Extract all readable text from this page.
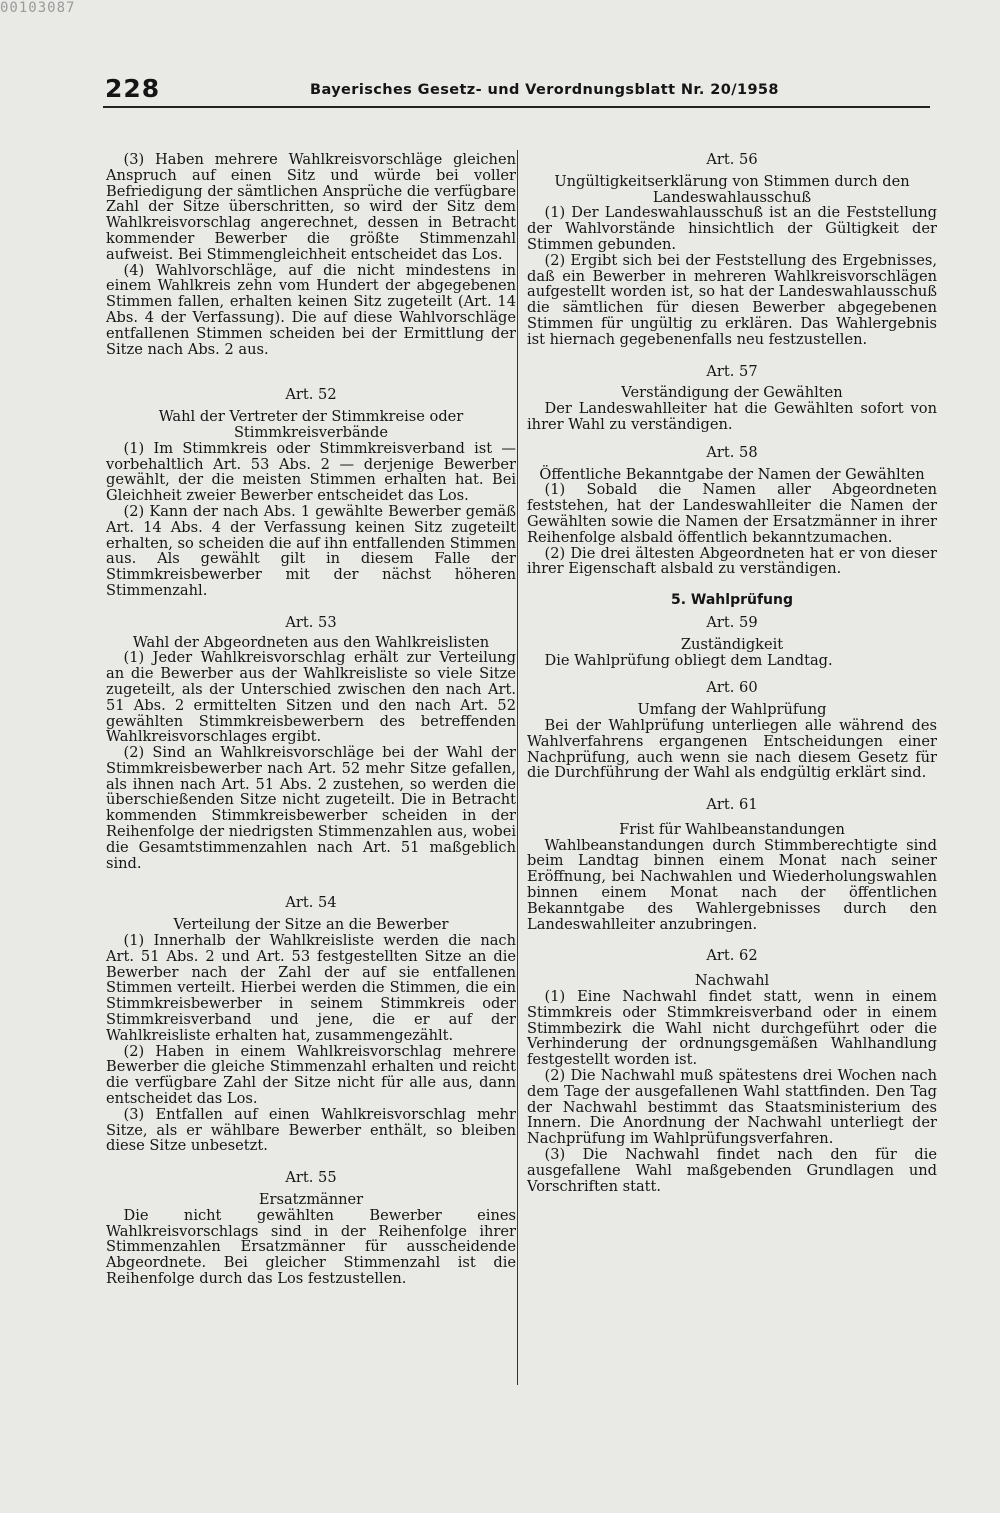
00103087
228	Bayerisches Gesetz- und Verordnungsblatt Nr. 20/1958

(3) Haben mehrere Wahlkreisvorschläge gleichen Anspruch auf einen Sitz und würde bei voller Befriedigung der sämtlichen Ansprüche die verfügbare Zahl der Sitze überschritten, so wird der Sitz dem Wahlkreisvorschlag angerechnet, dessen in Betracht kommender Bewerber die größte Stimmenzahl aufweist. Bei Stimmengleichheit entscheidet das Los.

(4) Wahlvorschläge, auf die nicht mindestens in einem Wahlkreis zehn vom Hundert der abgegebenen Stimmen fallen, erhalten keinen Sitz zugeteilt (Art. 14 Abs. 4 der Verfassung). Die auf diese Wahlvorschläge entfallenen Stimmen scheiden bei der Ermittlung der Sitze nach Abs. 2 aus.

Art. 52
Wahl der Vertreter der Stimmkreise oder Stimmkreisverbände

(1) Im Stimmkreis oder Stimmkreisverband ist — vorbehaltlich Art. 53 Abs. 2 — derjenige Bewerber gewählt, der die meisten Stimmen erhalten hat. Bei Gleichheit zweier Bewerber entscheidet das Los.

(2) Kann der nach Abs. 1 gewählte Bewerber gemäß Art. 14 Abs. 4 der Verfassung keinen Sitz zugeteilt erhalten, so scheiden die auf ihn entfallenden Stimmen aus. Als gewählt gilt in diesem Falle der Stimmkreisbewerber mit der nächst höheren Stimmenzahl.

Art. 53
Wahl der Abgeordneten aus den Wahlkreislisten

(1) Jeder Wahlkreisvorschlag erhält zur Verteilung an die Bewerber aus der Wahlkreisliste so viele Sitze zugeteilt, als der Unterschied zwischen den nach Art. 51 Abs. 2 ermittelten Sitzen und den nach Art. 52 gewählten Stimmkreisbewerbern des betreffenden Wahlkreisvorschlages ergibt.

(2) Sind an Wahlkreisvorschläge bei der Wahl der Stimmkreisbewerber nach Art. 52 mehr Sitze gefallen, als ihnen nach Art. 51 Abs. 2 zustehen, so werden die überschießenden Sitze nicht zugeteilt. Die in Betracht kommenden Stimmkreisbewerber scheiden in der Reihenfolge der niedrigsten Stimmenzahlen aus, wobei die Gesamtstimmenzahlen nach Art. 51 maßgeblich sind.

Art. 54
Verteilung der Sitze an die Bewerber

(1) Innerhalb der Wahlkreisliste werden die nach Art. 51 Abs. 2 und Art. 53 festgestellten Sitze an die Bewerber nach der Zahl der auf sie entfallenen Stimmen verteilt. Hierbei werden die Stimmen, die ein Stimmkreisbewerber in seinem Stimmkreis oder Stimmkreisverband und jene, die er auf der Wahlkreisliste erhalten hat, zusammengezählt.

(2) Haben in einem Wahlkreisvorschlag mehrere Bewerber die gleiche Stimmenzahl erhalten und reicht die verfügbare Zahl der Sitze nicht für alle aus, dann entscheidet das Los.

(3) Entfallen auf einen Wahlkreisvorschlag mehr Sitze, als er wählbare Bewerber enthält, so bleiben diese Sitze unbesetzt.

Art. 55
Ersatzmänner

Die nicht gewählten Bewerber eines Wahlkreisvorschlags sind in der Reihenfolge ihrer Stimmenzahlen Ersatzmänner für ausscheidende Abgeordnete. Bei gleicher Stimmenzahl ist die Reihenfolge durch das Los festzustellen.

Art. 56
Ungültigkeitserklärung von Stimmen durch den Landeswahlausschuß

(1) Der Landeswahlausschuß ist an die Feststellung der Wahlvorstände hinsichtlich der Gültigkeit der Stimmen gebunden.

(2) Ergibt sich bei der Feststellung des Ergebnisses, daß ein Bewerber in mehreren Wahlkreisvorschlägen aufgestellt worden ist, so hat der Landeswahlausschuß die sämtlichen für diesen Bewerber abgegebenen Stimmen für ungültig zu erklären. Das Wahlergebnis ist hiernach gegebenenfalls neu festzustellen.

Art. 57
Verständigung der Gewählten

Der Landeswahlleiter hat die Gewählten sofort von ihrer Wahl zu verständigen.

Art. 58
Öffentliche Bekanntgabe der Namen der Gewählten

(1) Sobald die Namen aller Abgeordneten feststehen, hat der Landeswahlleiter die Namen der Gewählten sowie die Namen der Ersatzmänner in ihrer Reihenfolge alsbald öffentlich bekanntzumachen.

(2) Die drei ältesten Abgeordneten hat er von dieser ihrer Eigenschaft alsbald zu verständigen.

5. Wahlprüfung
Art. 59
Zuständigkeit

Die Wahlprüfung obliegt dem Landtag.

Art. 60
Umfang der Wahlprüfung

Bei der Wahlprüfung unterliegen alle während des Wahlverfahrens ergangenen Entscheidungen einer Nachprüfung, auch wenn sie nach diesem Gesetz für die Durchführung der Wahl als endgültig erklärt sind.

Art. 61
Frist für Wahlbeanstandungen

Wahlbeanstandungen durch Stimmberechtigte sind beim Landtag binnen einem Monat nach seiner Eröffnung, bei Nachwahlen und Wiederholungswahlen binnen einem Monat nach der öffentlichen Bekanntgabe des Wahlergebnisses durch den Landeswahlleiter anzubringen.

Art. 62
Nachwahl

(1) Eine Nachwahl findet statt, wenn in einem Stimmkreis oder Stimmkreisverband oder in einem Stimmbezirk die Wahl nicht durchgeführt oder die Verhinderung der ordnungsgemäßen Wahlhandlung festgestellt worden ist.

(2) Die Nachwahl muß spätestens drei Wochen nach dem Tage der ausgefallenen Wahl stattfinden. Den Tag der Nachwahl bestimmt das Staatsministerium des Innern. Die Anordnung der Nachwahl unterliegt der Nachprüfung im Wahlprüfungsverfahren.

(3) Die Nachwahl findet nach den für die ausgefallene Wahl maßgebenden Grundlagen und Vorschriften statt.
